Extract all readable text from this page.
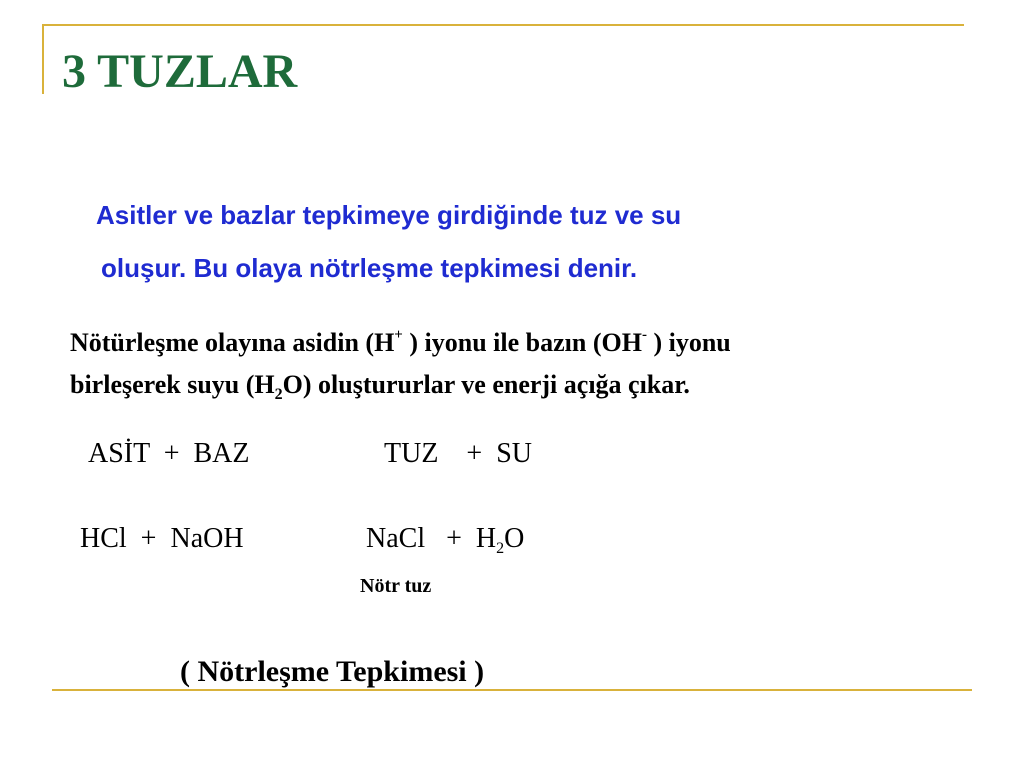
3 TUZLAR
Asitler ve bazlar tepkimeye girdiğinde tuz ve su
oluşur. Bu olaya nötrleşme tepkimesi denir.
Nötürleşme olayına asidin (H+ ) iyonu ile bazın (OH- ) iyonu
birleşerek suyu $(H_2O)$ oluştururlar ve enerji açığa çıkar.
ASİT  +  BAZ	TUZ    +  SU
HCl  +  NaOH	NaCl   +  $H_2O$
Nötr tuz
( Nötrleşme Tepkimesi )
